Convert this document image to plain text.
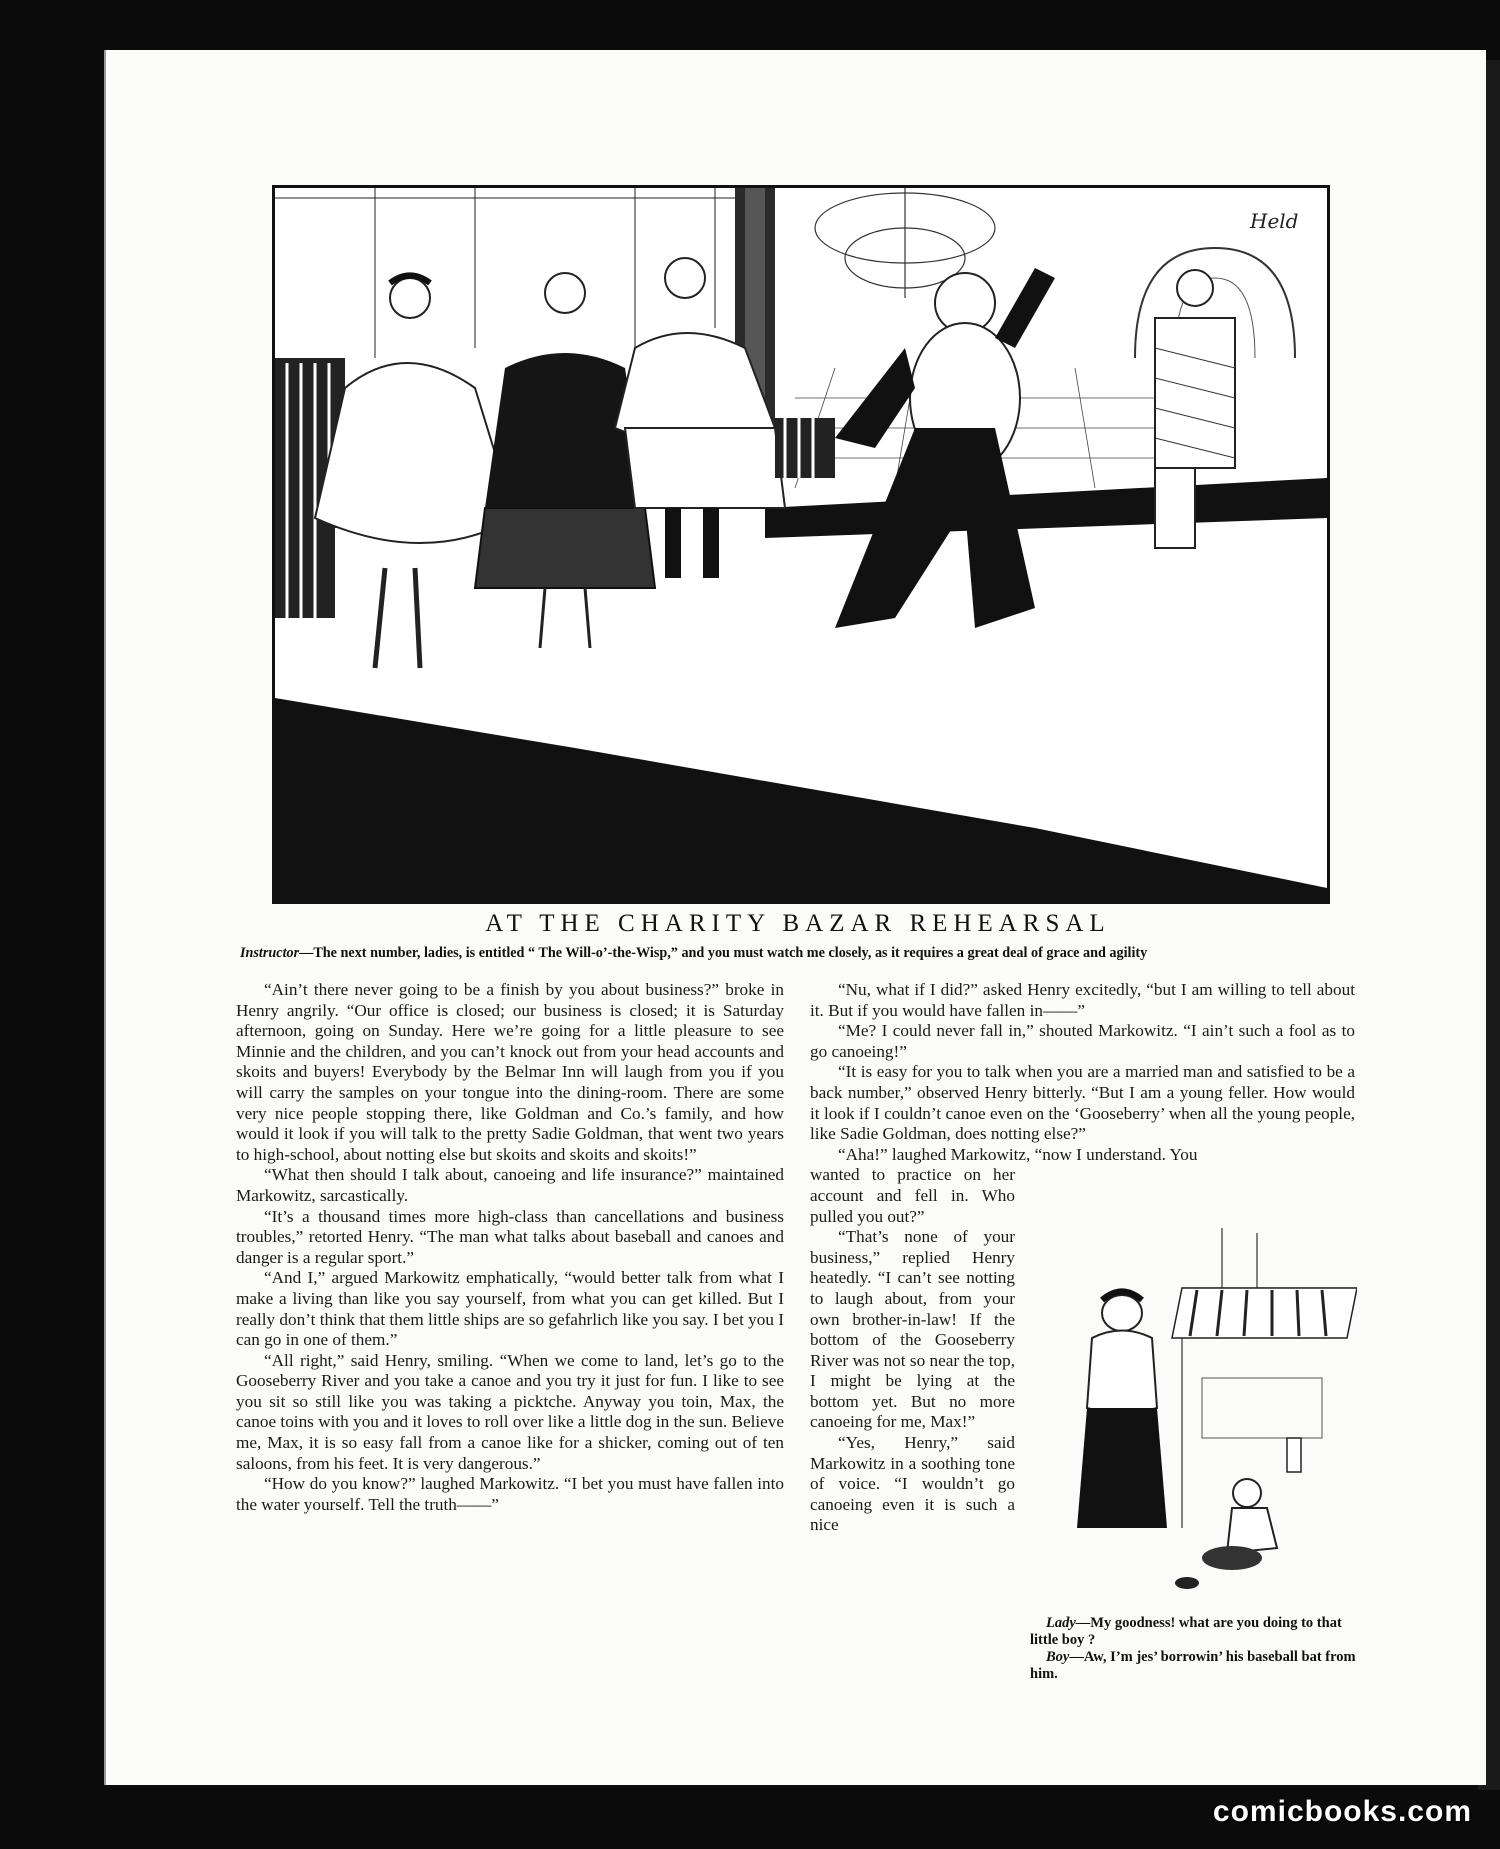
Held
AT THE CHARITY BAZAR REHEARSAL
Instructor—The next number, ladies, is entitled “ The Will-o’-the-Wisp,” and you must watch me closely, as it requires a great deal of grace and agility

“Ain’t there never going to be a finish by you about business?” broke in Henry angrily. “Our office is closed; our business is closed; it is Saturday afternoon, going on Sunday. Here we’re going for a little pleasure to see Minnie and the children, and you can’t knock out from your head accounts and skoits and buyers! Everybody by the Belmar Inn will laugh from you if you will carry the samples on your tongue into the dining-room. There are some very nice people stopping there, like Goldman and Co.’s family, and how would it look if you will talk to the pretty Sadie Goldman, that went two years to high-school, about notting else but skoits and skoits and skoits!”

“What then should I talk about, canoeing and life insurance?” maintained Markowitz, sarcastically.

“It’s a thousand times more high-class than cancellations and business troubles,” retorted Henry. “The man what talks about baseball and canoes and danger is a regular sport.”

“And I,” argued Markowitz emphatically, “would better talk from what I make a living than like you say yourself, from what you can get killed. But I really don’t think that them little ships are so gefahrlich like you say. I bet you I can go in one of them.”

“All right,” said Henry, smiling. “When we come to land, let’s go to the Gooseberry River and you take a canoe and you try it just for fun. I like to see you sit so still like you was taking a picktche. Anyway you toin, Max, the canoe toins with you and it loves to roll over like a little dog in the sun. Believe me, Max, it is so easy fall from a canoe like for a shicker, coming out of ten saloons, from his feet. It is very dangerous.”

“How do you know?” laughed Markowitz. “I bet you must have fallen into the water yourself. Tell the truth——”

“Nu, what if I did?” asked Henry excitedly, “but I am willing to tell about it. But if you would have fallen in——”

“Me? I could never fall in,” shouted Markowitz. “I ain’t such a fool as to go canoeing!”

“It is easy for you to talk when you are a married man and satisfied to be a back number,” observed Henry bitterly. “But I am a young feller. How would it look if I couldn’t canoe even on the ‘Gooseberry’ when all the young people, like Sadie Goldman, does notting else?”

“Aha!” laughed Markowitz, “now I understand. You

wanted to practice on her account and fell in. Who pulled you out?”

“That’s none of your business,” replied Henry heatedly. “I can’t see notting to laugh about, from your own brother-in-law! If the bottom of the Gooseberry River was not so near the top, I might be lying at the bottom yet. But no more canoeing for me, Max!”

“Yes, Henry,” said Markowitz in a soothing tone of voice. “I wouldn’t go canoeing even it is such a nice

Lady—My goodness! what are you doing to that little boy ?

Boy—Aw, I’m jes’ borrowin’ his baseball bat from him.

comicbooks.com
